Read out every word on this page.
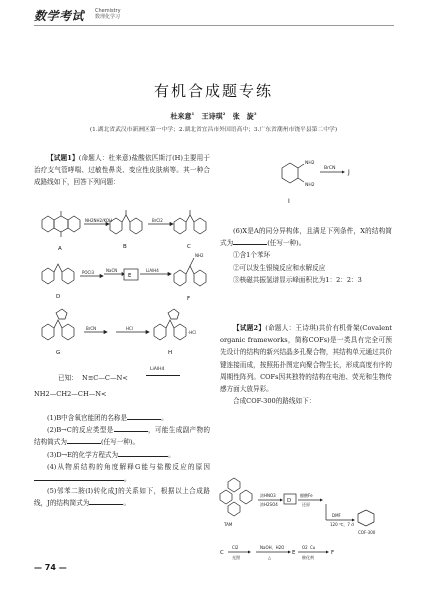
数学考试 Chemistry
数理化学习
有机合成题专练
杜来意$^1$ 王诗琪$^2$ 张　旋$^3$
(1.湖北省武汉市新洲区第一中学；2.湖北省宜昌市外国语高中；3.广东省潮州市饶平县第二中学)

【试题1】(命题人：杜来意)盐酸依匹斯汀(H)主要用于治疗支气管哮喘、过敏性鼻炎、变应性皮肤病等。其一种合成路线如下，回答下列问题：

NH2NH2/KOH	BrCl2
POCl3	NaCN	LiAlH4
BrCN	HCl
NH2
·HCl
A	B	C
D
E
F
G	H
已知： N≡C—C—N<
LiAlH4
NH2—CH2—CH—N<

(1)B中含氧官能团的名称是	。

(2)B→C的反应类型是	，可能生成副产物的结构简式为	(任写一种)。

(3)D→E的化学方程式为	。

(4)从物质结构的角度解释G能与盐酸反应的原因。

(5)邻苯二胺(I)转化成J的关系如下，根据以上合成路线，J的结构简式为	。

— 74 —
NH2
NH2
BrCN
J
I

(6)X是A的同分异构体，且满足下列条件，X的结构简式为	(任写一种)。

①含1个苯环

②可以发生银镜反应和水解反应

③核磁共振氢谱显示峰面积比为1：2：2：3

【试题2】(命题人：王诗琪)共价有机骨架(Covalent organic frameworks，简称COFs)是一类具有完全可预先设计的结构的新兴结晶多孔聚合物，其结构单元通过共价键连接而成，按照拓扑图定向聚合物生长，形成高度有序的周期性阵列。COFs因其独特的结构在电池、荧光和生物传感方面大放异彩。

合成COF-300的路线如下：

TAM
浓HNO3
浓H2SO4
醋酸Fe
还原
DMF
120 ℃，7 d
COF-300
C
Cl2
光照
NaOH、H2O
△
E
O2 Cu
催化剂
F
D
